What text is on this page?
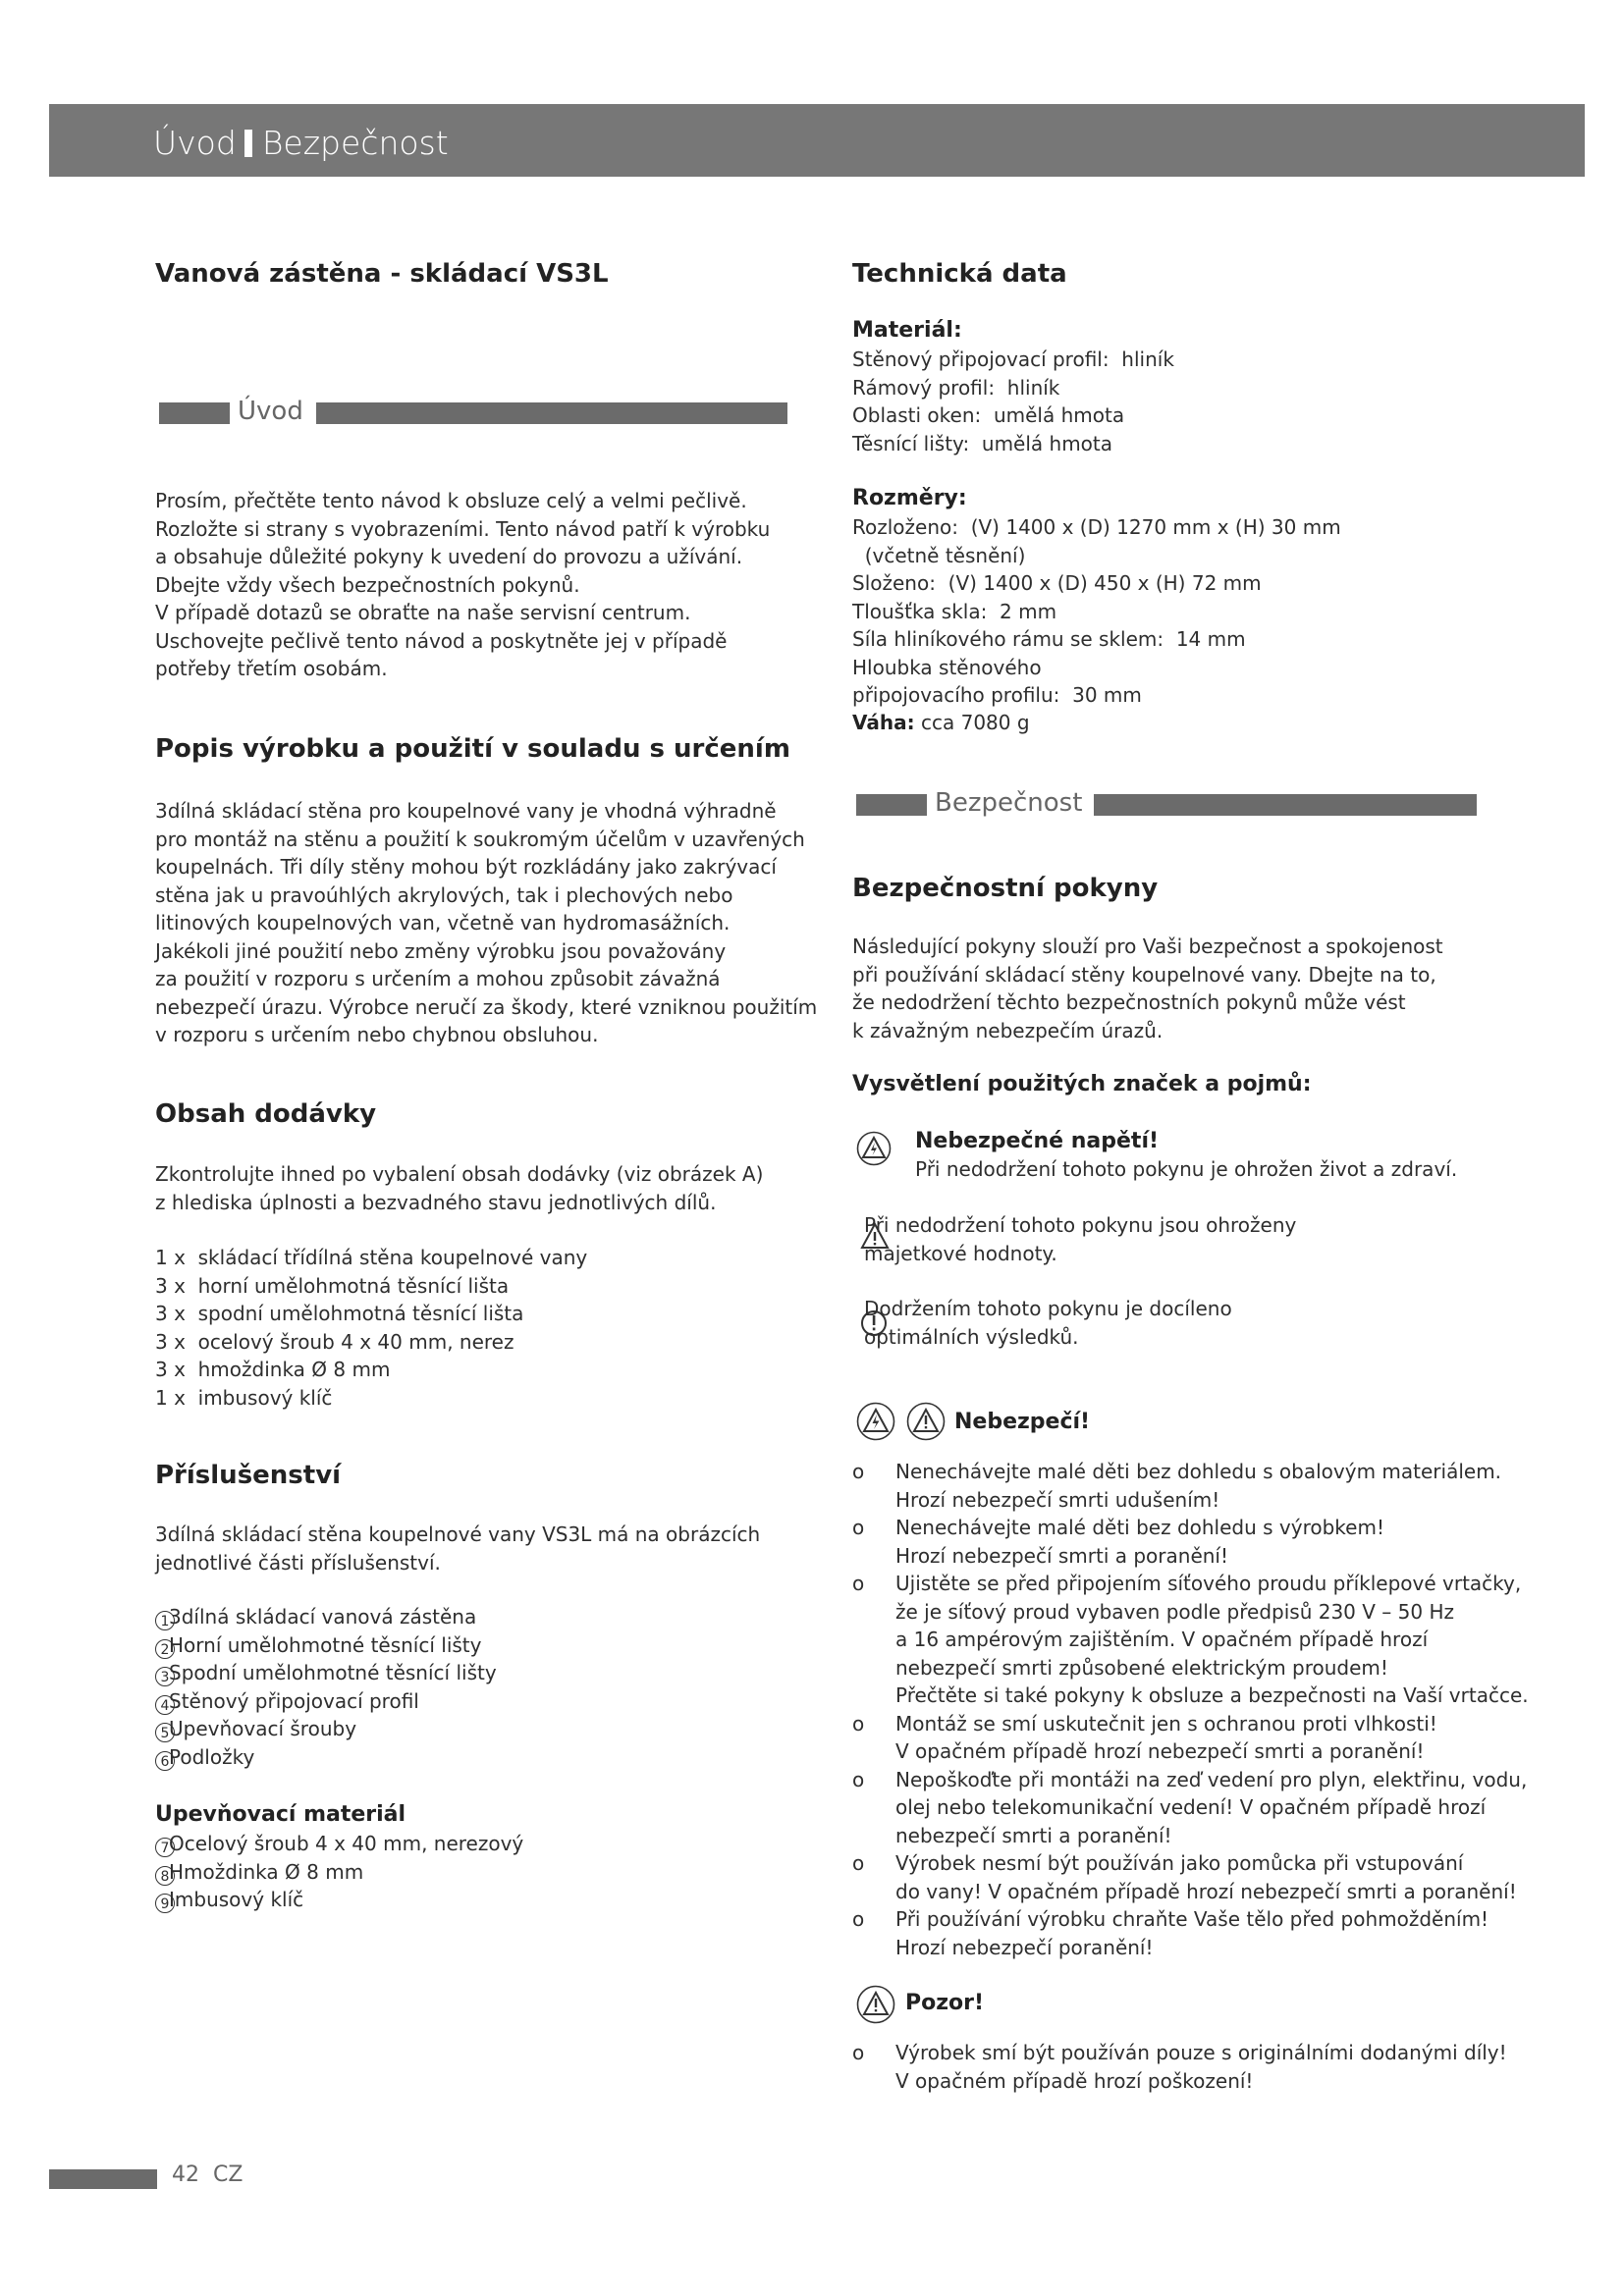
Úvod Bezpečnost
Vanová zástěna - skládací VS3L
Úvod
Prosím, přečtěte tento návod k obsluze celý a velmi pečlivě.
Rozložte si strany s vyobrazeními. Tento návod patří k výrobku
a obsahuje důležité pokyny k uvedení do provozu a užívání.
Dbejte vždy všech bezpečnostních pokynů.
V případě dotazů se obraťte na naše servisní centrum.
Uschovejte pečlivě tento návod a poskytněte jej v případě
potřeby třetím osobám.
Popis výrobku a použití v souladu s určením
3dílná skládací stěna pro koupelnové vany je vhodná výhradně
pro montáž na stěnu a použití k soukromým účelům v uzavřených
koupelnách. Tři díly stěny mohou být rozkládány jako zakrývací
stěna jak u pravoúhlých akrylových, tak i plechových nebo
litinových koupelnových van, včetně van hydromasážních.
Jakékoli jiné použití nebo změny výrobku jsou považovány
za použití v rozporu s určením a mohou způsobit závažná
nebezpečí úrazu. Výrobce neručí za škody, které vzniknou použitím
v rozporu s určením nebo chybnou obsluhou.
Obsah dodávky
Zkontrolujte ihned po vybalení obsah dodávky (viz obrázek A)
z hlediska úplnosti a bezvadného stavu jednotlivých dílů.
1 x  skládací třídílná stěna koupelnové vany
3 x  horní umělohmotná těsnící lišta
3 x  spodní umělohmotná těsnící lišta
3 x  ocelový šroub 4 x 40 mm, nerez
3 x  hmoždinka Ø 8 mm
1 x  imbusový klíč
Příslušenství
3dílná skládací stěna koupelnové vany VS3L má na obrázcích
jednotlivé části příslušenství.
13dílná skládací vanová zástěna
2Horní umělohmotné těsnící lišty
3Spodní umělohmotné těsnící lišty
4Stěnový připojovací profil
5Upevňovací šrouby
6Podložky
Upevňovací materiál
7Ocelový šroub 4 x 40 mm, nerezový
8Hmoždinka Ø 8 mm
9Imbusový klíč
Technická data
Materiál:
Stěnový připojovací profil:  hliník
Rámový profil:  hliník
Oblasti oken:  umělá hmota
Těsnící lišty:  umělá hmota
Rozměry:
Rozloženo:  (V) 1400 x (D) 1270 mm x (H) 30 mm
(včetně těsnění)
Složeno:  (V) 1400 x (D) 450 x (H) 72 mm
Tloušťka skla:  2 mm
Síla hliníkového rámu se sklem:  14 mm
Hloubka stěnového
připojovacího profilu:  30 mm
Váha: cca 7080 g
Bezpečnost
Bezpečnostní pokyny
Následující pokyny slouží pro Vaši bezpečnost a spokojenost
při používání skládací stěny koupelnové vany. Dbejte na to,
že nedodržení těchto bezpečnostních pokynů může vést
k závažným nebezpečím úrazů.
Vysvětlení použitých značek a pojmů:
Nebezpečné napětí!
Při nedodržení tohoto pokynu je ohrožen život a zdraví.
Při nedodržení tohoto pokynu jsou ohroženy
majetkové hodnoty.
Dodržením tohoto pokynu je docíleno
optimálních výsledků.

Nebezpečí!
o Nenechávejte malé děti bez dohledu s obalovým materiálem.
Hrozí nebezpečí smrti udušením!
o Nenechávejte malé děti bez dohledu s výrobkem!
Hrozí nebezpečí smrti a poranění!
o Ujistěte se před připojením síťového proudu příklepové vrtačky,
že je síťový proud vybaven podle předpisů 230 V – 50 Hz
a 16 ampérovým zajištěním. V opačném případě hrozí
nebezpečí smrti způsobené elektrickým proudem!
Přečtěte si také pokyny k obsluze a bezpečnosti na Vaší vrtačce.
o Montáž se smí uskutečnit jen s ochranou proti vlhkosti!
V opačném případě hrozí nebezpečí smrti a poranění!
o Nepoškoďte při montáži na zeď vedení pro plyn, elektřinu, vodu,
olej nebo telekomunikační vedení! V opačném případě hrozí
nebezpečí smrti a poranění!
o Výrobek nesmí být používán jako pomůcka při vstupování
do vany! V opačném případě hrozí nebezpečí smrti a poranění!
o Při používání výrobku chraňte Vaše tělo před pohmožděním!
Hrozí nebezpečí poranění!
Pozor!
o Výrobek smí být používán pouze s originálními dodanými díly!
V opačném případě hrozí poškození!
42 CZ
